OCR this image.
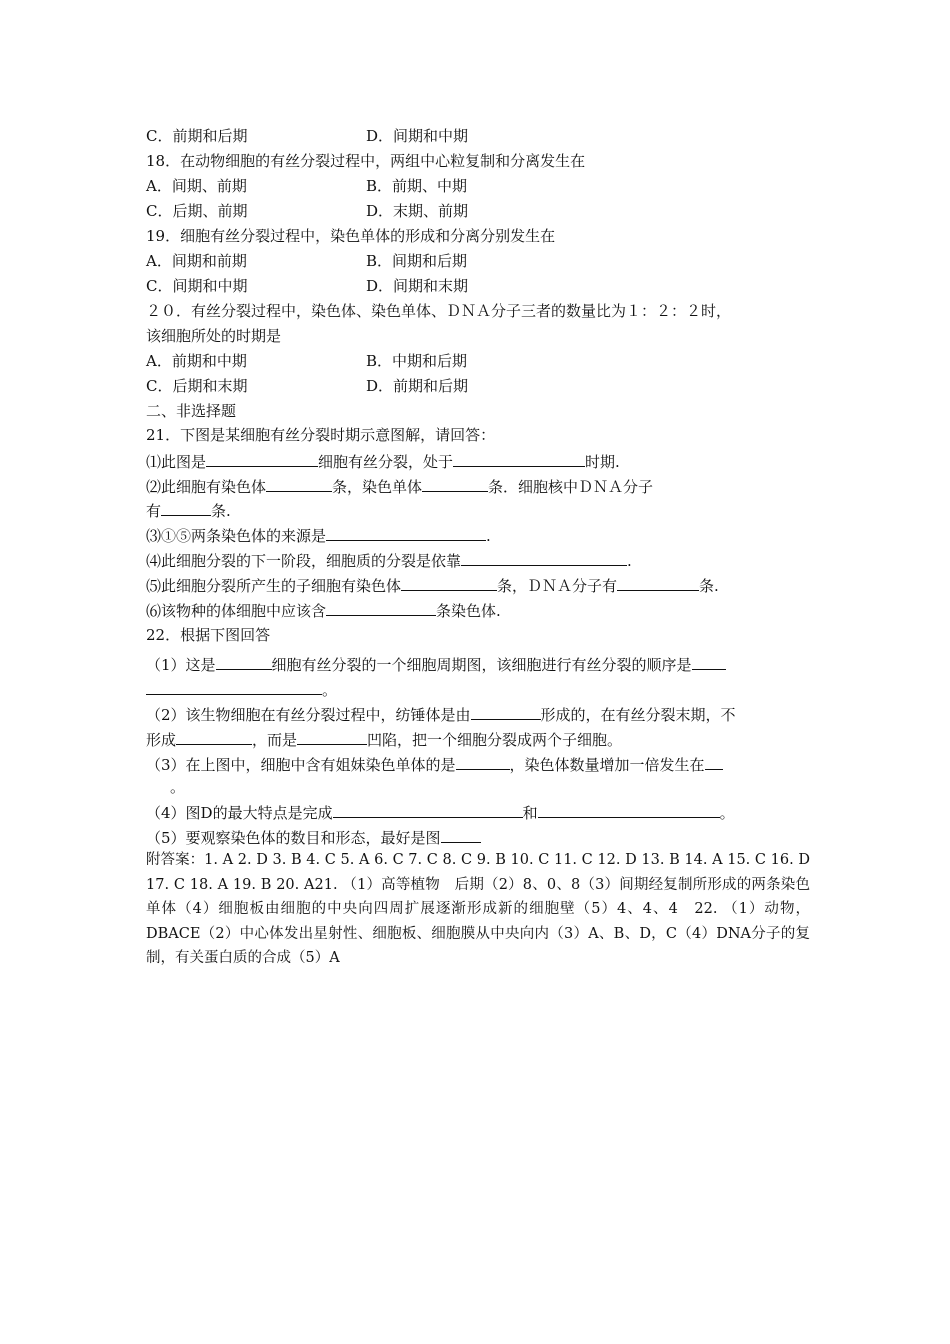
C．前期和后期	D．间期和中期
18．在动物细胞的有丝分裂过程中，两组中心粒复制和分离发生在
A．间期、前期	B．前期、中期
C．后期、前期	D．末期、前期
19．细胞有丝分裂过程中，染色单体的形成和分离分别发生在
A．间期和前期	B．间期和后期
C．间期和中期	D．间期和末期
２０．有丝分裂过程中，染色体、染色单体、ＤＮＡ分子三者的数量比为１：２：２时，
该细胞所处的时期是
A．前期和中期	B．中期和后期
C．后期和末期	D．前期和后期
二、非选择题
21．下图是某细胞有丝分裂时期示意图解，请回答：
⑴此图是	细胞有丝分裂，处于	时期.
⑵此细胞有染色体	条，染色单体	条．细胞核中ＤＮＡ分子
有	条.
⑶①⑤两条染色体的来源是	.
⑷此细胞分裂的下一阶段，细胞质的分裂是依靠	.
⑸此细胞分裂所产生的子细胞有染色体	条，ＤＮＡ分子有	条.
⑹该物种的体细胞中应该含	条染色体.
22．根据下图回答
（1）这是	细胞有丝分裂的一个细胞周期图，该细胞进行有丝分裂的顺序是
。
（2）该生物细胞在有丝分裂过程中，纺锤体是由	形成的，在有丝分裂末期，不
形成	，而是	凹陷，把一个细胞分裂成两个子细胞。
（3）在上图中，细胞中含有姐妹染色单体的是	，染色体数量增加一倍发生在
。
（4）图D的最大特点是完成	和	。
（5）要观察染色体的数目和形态，最好是图
附答案：1. A 2. D 3. B 4. C 5. A 6. C 7. C 8. C 9. B 10. C 11. C 12. D 13. B 14. A 15. C 16. D 17. C 18. A 19. B 20. A21. （1）高等植物　后期（2）8、0、8（3）间期经复制所形成的两条染色单体（4）细胞板由细胞的中央向四周扩展逐渐形成新的细胞壁（5）4、4、4　22. （1）动物，DBACE（2）中心体发出星射性、细胞板、细胞膜从中央向内（3）A、B、D，C（4）DNA分子的复制，有关蛋白质的合成（5）A
